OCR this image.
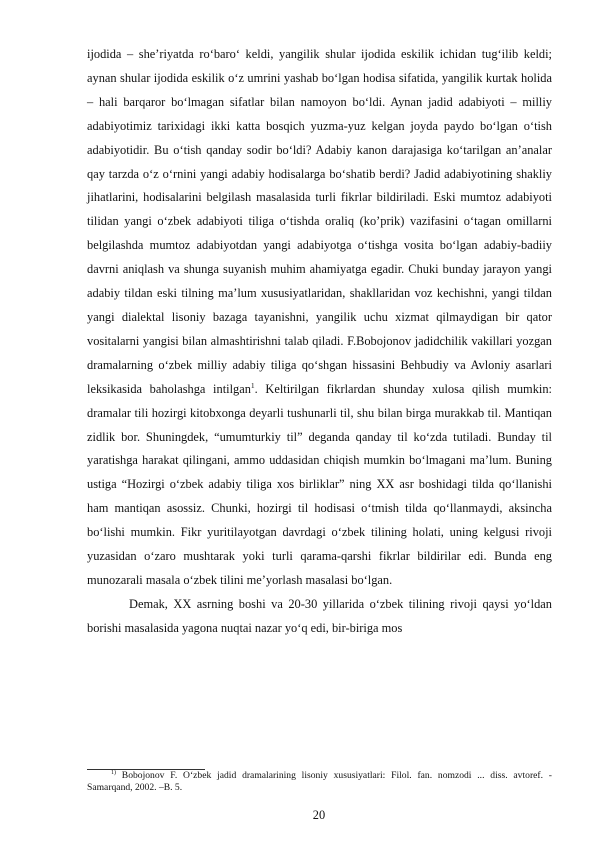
ijodida – she’riyatda ro‘baro‘ keldi, yangilik shular ijodida eskilik ichidan tug‘ilib keldi; aynan shular ijodida eskilik o‘z umrini yashab bo‘lgan hodisa sifatida, yangilik kurtak holida – hali barqaror bo‘lmagan sifatlar bilan namoyon bo‘ldi. Aynan jadid adabiyoti – milliy adabiyotimiz tarixidagi ikki katta bosqich yuzma-yuz kelgan joyda paydo bo‘lgan o‘tish adabiyotidir. Bu o‘tish qanday sodir bo‘ldi? Adabiy kanon darajasiga ko‘tarilgan an’analar qay tarzda o‘z o‘rnini yangi adabiy hodisalarga bo‘shatib berdi? Jadid adabiyotining shakliy jihatlarini, hodisalarini belgilash masalasida turli fikrlar bildiriladi. Eski mumtoz adabiyoti tilidan yangi o‘zbek adabiyoti tiliga o‘tishda oraliq (ko’prik) vazifasini o‘tagan omillarni belgilashda mumtoz adabiyotdan yangi adabiyotga o‘tishga vosita bo‘lgan adabiy-badiiy davrni aniqlash va shunga suyanish muhim ahamiyatga egadir. Chuki bunday jarayon yangi adabiy tildan eski tilning ma’lum xususiyatlaridan, shakllaridan voz kechishni, yangi tildan yangi dialektal lisoniy bazaga tayanishni, yangilik uchu xizmat qilmaydigan bir qator vositalarni yangisi bilan almashtirishni talab qiladi. F.Bobojonov jadidchilik vakillari yozgan dramalarning o‘zbek milliy adabiy tiliga qo‘shgan hissasini Behbudiy va Avloniy asarlari leksikasida baholashga intilgan$^1$. Keltirilgan fikrlardan shunday xulosa qilish mumkin: dramalar tili hozirgi kitobxonga deyarli tushunarli til, shu bilan birga murakkab til. Mantiqan zidlik bor. Shuningdek, “umumturkiy til” deganda qanday til ko‘zda tutiladi. Bunday til yaratishga harakat qilingani, ammo uddasidan chiqish mumkin bo‘lmagani ma’lum. Buning ustiga “Hozirgi o‘zbek adabiy tiliga xos birliklar” ning XX asr boshidagi tilda qo‘llanishi ham mantiqan asossiz. Chunki, hozirgi til hodisasi o‘tmish tilda qo‘llanmaydi, aksincha bo‘lishi mumkin. Fikr yuritilayotgan davrdagi o‘zbek tilining holati, uning kelgusi rivoji yuzasidan o‘zaro mushtarak yoki turli qarama-qarshi fikrlar bildirilar edi. Bunda eng munozarali masala o‘zbek tilini me’yorlash masalasi bo‘lgan.

Demak, XX asrning boshi va 20-30 yillarida o‘zbek tilining rivoji qaysi yo‘ldan borishi masalasida yagona nuqtai nazar yo‘q edi, bir-biriga mos

$^{1)}$ Bobojonov F. O‘zbek jadid dramalarining lisoniy xususiyatlari: Filol. fan. nomzodi ... diss. avtoref. - Samarqand, 2002. –B. 5.

20
